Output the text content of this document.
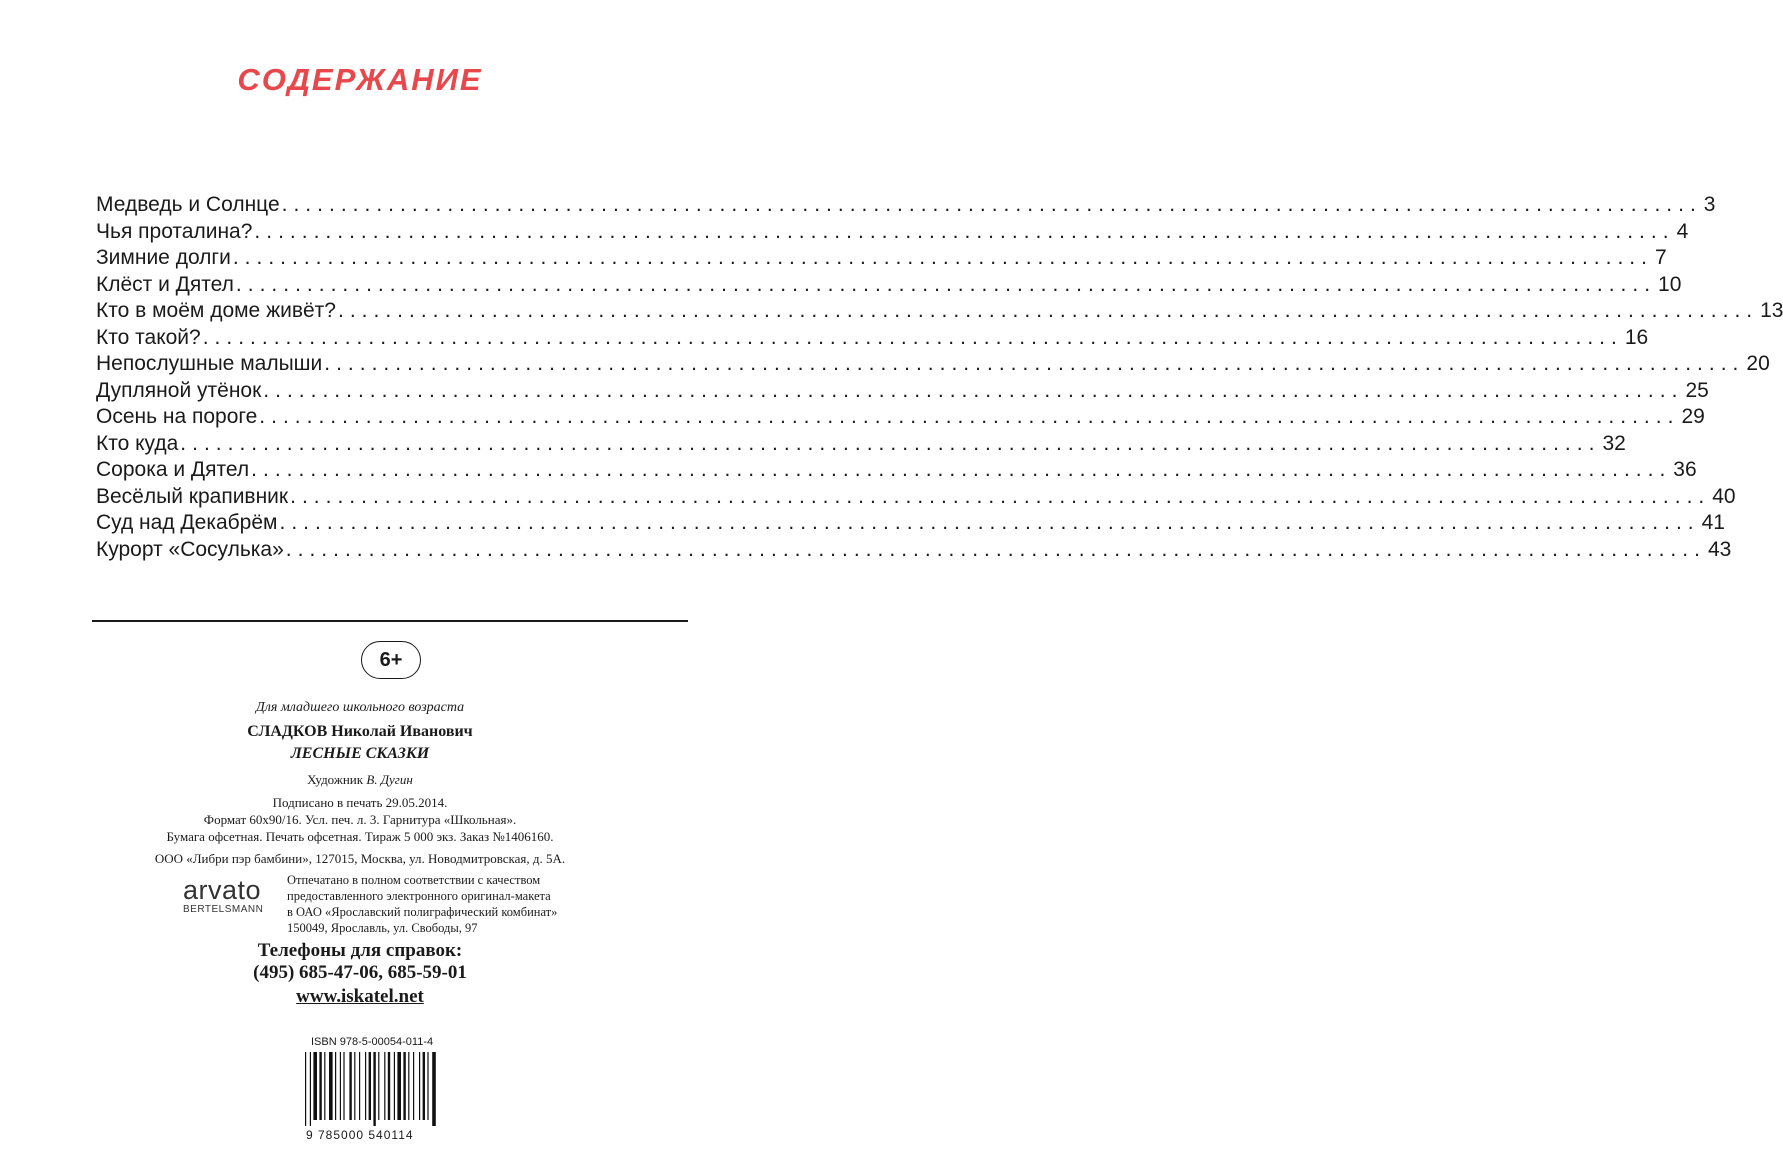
СОДЕРЖАНИЕ
Медведь и Солнце ........................................................................................................................ 3
Чья проталина? ........................................................................................................................ 4
Зимние долги ........................................................................................................................ 7
Клёст и Дятел ........................................................................................................................ 10
Кто в моём доме живёт? ........................................................................................................................ 13
Кто такой? ........................................................................................................................ 16
Непослушные малыши ........................................................................................................................ 20
Дупляной утёнок ........................................................................................................................ 25
Осень на пороге ........................................................................................................................ 29
Кто куда ........................................................................................................................ 32
Сорока и Дятел ........................................................................................................................ 36
Весёлый крапивник ........................................................................................................................ 40
Суд над Декабрём ........................................................................................................................ 41
Курорт «Сосулька» ........................................................................................................................ 43
6+
Для младшего школьного возраста
СЛАДКОВ Николай Иванович
ЛЕСНЫЕ СКАЗКИ
Художник В. Дугин
Подписано в печать 29.05.2014.
Формат 60x90/16. Усл. печ. л. 3. Гарнитура «Школьная».
Бумага офсетная. Печать офсетная. Тираж 5 000 экз. Заказ №1406160.
ООО «Либри пэр бамбини», 127015, Москва, ул. Новодмитровская, д. 5А.
arvato
BERTELSMANN
Отпечатано в полном соответствии с качеством
предоставленного электронного оригинал-макета
в ОАО «Ярославский полиграфический комбинат»
150049, Ярославль, ул. Свободы, 97
Телефоны для справок:
(495) 685-47-06, 685-59-01
www.iskatel.net
ISBN 978-5-00054-011-4
9 785000 540114
